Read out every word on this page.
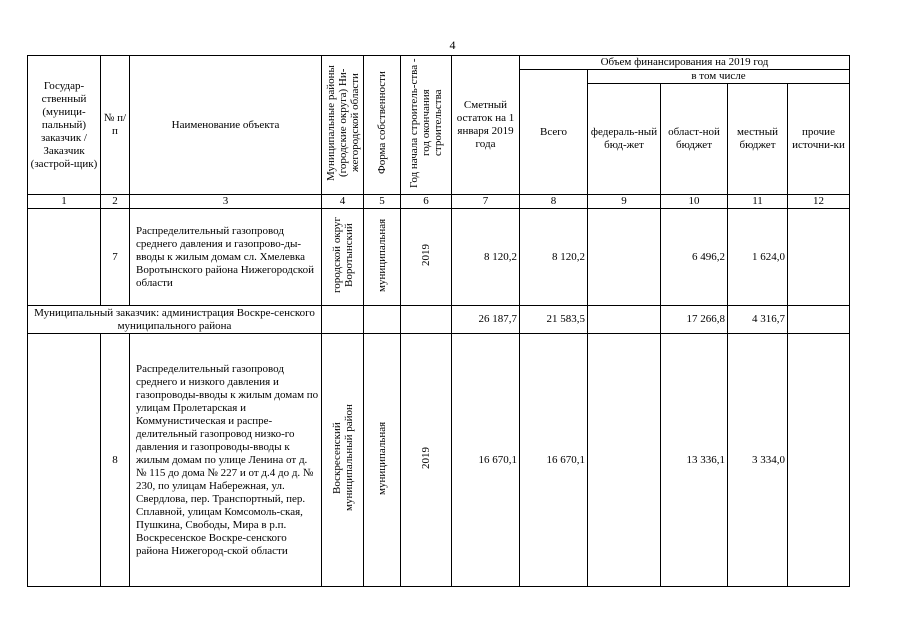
4
Государ-ственный (муници-пальный) заказчик / Заказчик (застрой-щик)	№ п/п	Наименование объекта	Муниципальные районы (городские округа) Ни-жегородской области	Форма собственности	Год начала строитель-ства - год окончания строительства	Сметный остаток на 1 января 2019 года	Объем финансирования на 2019 год				
							Всего	в том числе			
								федераль-ный бюд-жет	област-ной бюджет	местный бюджет	прочие источни-ки
1	2	3	4	5	6	7	8	9	10	11	12
	7	Распределительный газопровод среднего давления и газопрово-ды-вводы к жилым домам сл. Хмелевка Воротынского района Нижегородской области	городской округ Воротынский	муниципальная	2019	8 120,2	8 120,2		6 496,2	1 624,0	
Муниципальный заказчик: администрация Воскре-сенского муниципального района						26 187,7	21 583,5		17 266,8	4 316,7	
	8	Распределительный газопровод среднего и низкого давления и газопроводы-вводы к жилым домам по улицам Пролетарская и Коммунистическая и распре-делительный газопровод низко-го давления и газопроводы-вводы к жилым домам по улице Ленина от д. № 115 до дома № 227 и от д.4 до д. № 230, по улицам Набережная, ул. Свердлова, пер. Транспортный, пер. Сплавной, улицам Комсомоль-ская, Пушкина, Свободы, Мира в р.п. Воскресенское Воскре-сенского района Нижегород-ской области	Воскресенский муниципальный район	муниципальная	2019	16 670,1	16 670,1		13 336,1	3 334,0	
